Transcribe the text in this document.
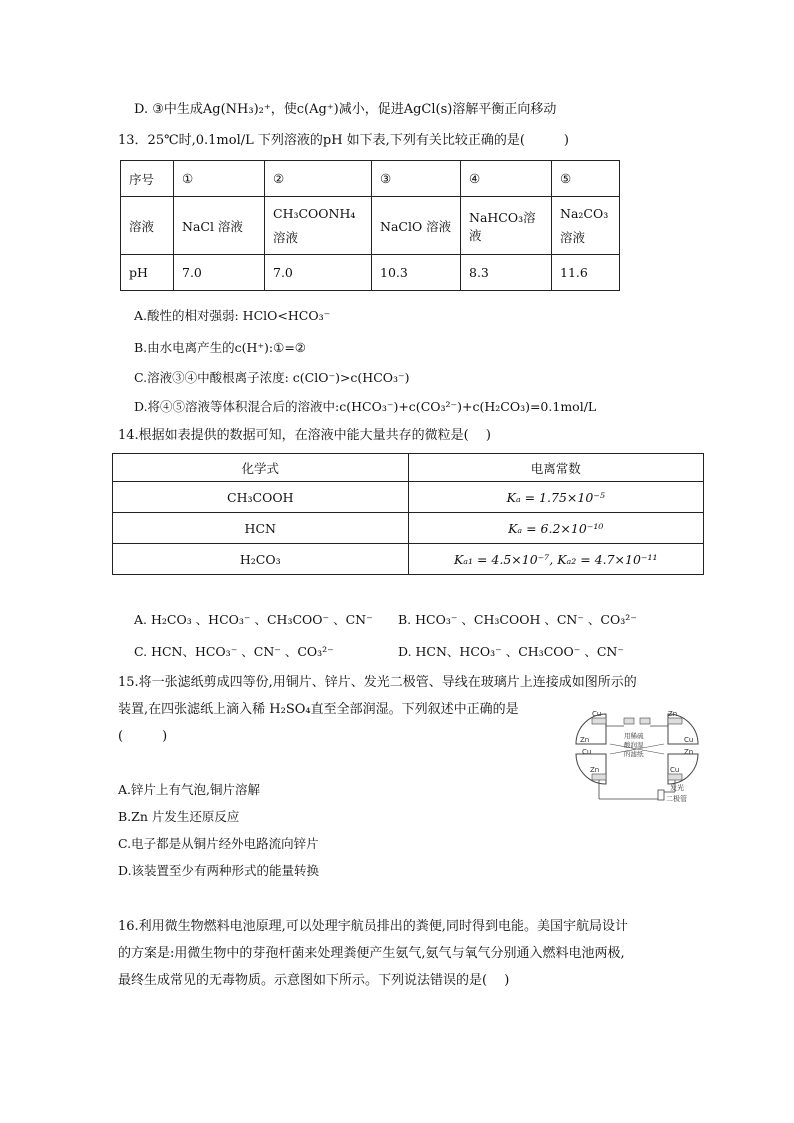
D. ③中生成Ag(NH₃)₂⁺，使c(Ag⁺)减小，促进AgCl(s)溶解平衡正向移动
13．25℃时,0.1mol/L 下列溶液的pH 如下表,下列有关比较正确的是(　　　)
序号	①	②	③	④	⑤
溶液	NaCl 溶液	CH₃COONH₄ 溶液	NaClO 溶液	NaHCO₃溶液	Na₂CO₃ 溶液
pH	7.0	7.0	10.3	8.3	11.6
A.酸性的相对强弱: HClO<HCO₃⁻
B.由水电离产生的c(H⁺):①=②
C.溶液③④中酸根离子浓度: c(ClO⁻)>c(HCO₃⁻)
D.将④⑤溶液等体积混合后的溶液中:c(HCO₃⁻)+c(CO₃²⁻)+c(H₂CO₃)=0.1mol/L
14.根据如表提供的数据可知，在溶液中能大量共存的微粒是(　 )
化学式	电离常数
CH₃COOH	Kₐ = 1.75×10⁻⁵
HCN	Kₐ = 6.2×10⁻¹⁰
H₂CO₃	Kₐ₁ = 4.5×10⁻⁷, Kₐ₂ = 4.7×10⁻¹¹
A. H₂CO₃ 、HCO₃⁻ 、CH₃COO⁻ 、CN⁻ B. HCO₃⁻ 、CH₃COOH 、CN⁻ 、CO₃²⁻
C. HCN、HCO₃⁻ 、CN⁻ 、CO₃²⁻	D. HCN、HCO₃⁻ 、CH₃COO⁻ 、CN⁻
15.将一张滤纸剪成四等份,用铜片、锌片、发光二极管、导线在玻璃片上连接成如图所示的
装置,在四张滤纸上滴入稀 H₂SO₄直至全部润湿。下列叙述中正确的是
(　　　)
Cu	Zn
Cu	Zn
Zn	Cu
Zn	Cu
用稀硫
酸润湿
的滤纸
发光
二极管
A.锌片上有气泡,铜片溶解
B.Zn 片发生还原反应
C.电子都是从铜片经外电路流向锌片
D.该装置至少有两种形式的能量转换
16.利用微生物燃料电池原理,可以处理宇航员排出的粪便,同时得到电能。美国宇航局设计
的方案是:用微生物中的芽孢杆菌来处理粪便产生氨气,氨气与氧气分别通入燃料电池两极,
最终生成常见的无毒物质。示意图如下所示。下列说法错误的是(　 )
